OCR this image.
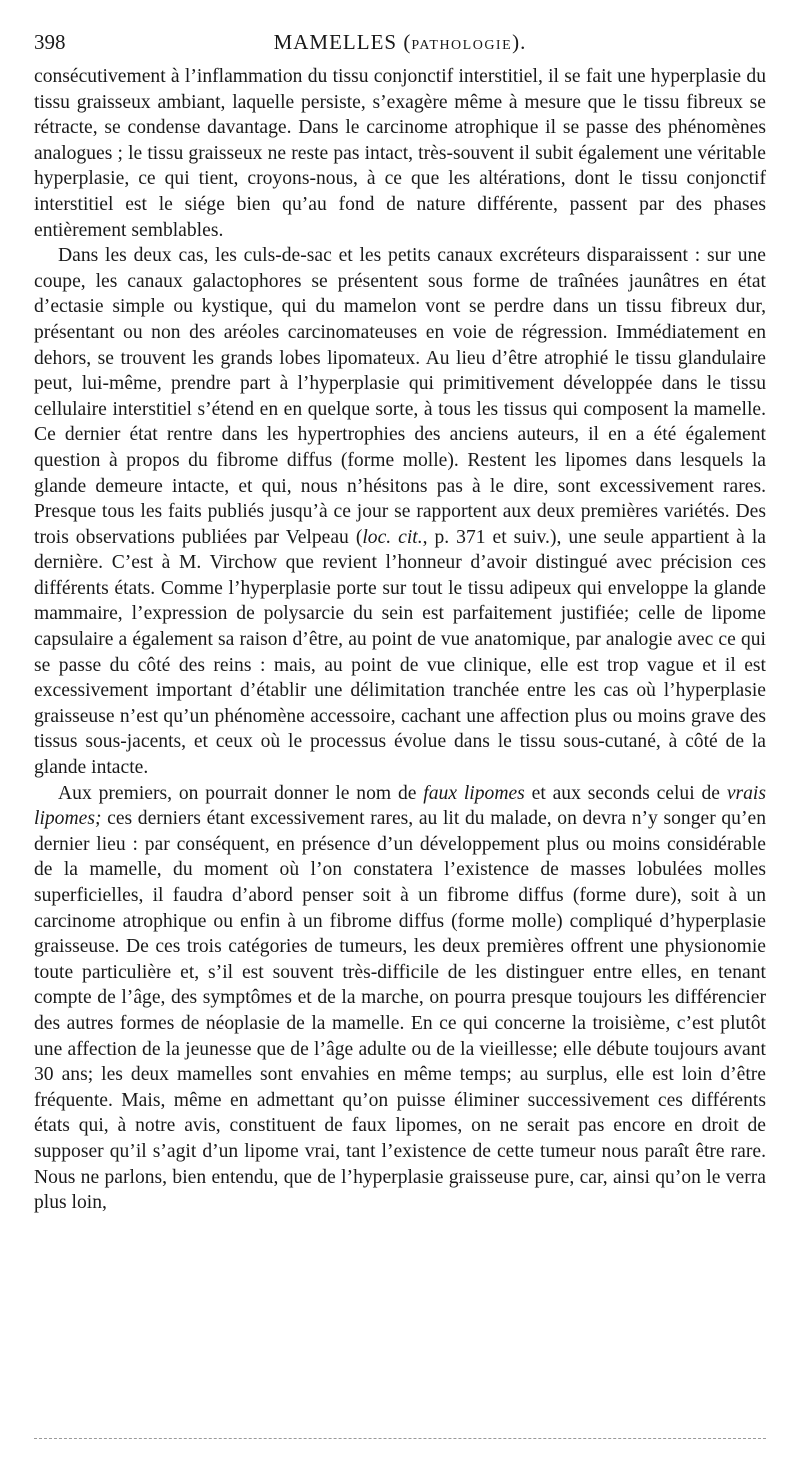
398	MAMELLES (PATHOLOGIE).

consécutivement à l’inflammation du tissu conjonctif interstitiel, il se fait une hyperplasie du tissu graisseux ambiant, laquelle persiste, s’exagère même à mesure que le tissu fibreux se rétracte, se condense davantage. Dans le carcinome atrophique il se passe des phénomènes analogues ; le tissu graisseux ne reste pas intact, très-souvent il subit également une véritable hyperplasie, ce qui tient, croyons-nous, à ce que les altérations, dont le tissu conjonctif interstitiel est le siége bien qu’au fond de nature différente, passent par des phases entièrement semblables.

Dans les deux cas, les culs-de-sac et les petits canaux excréteurs disparaissent : sur une coupe, les canaux galactophores se présentent sous forme de traînées jaunâtres en état d’ectasie simple ou kystique, qui du mamelon vont se perdre dans un tissu fibreux dur, présentant ou non des aréoles carcinomateuses en voie de régression. Immédiatement en dehors, se trouvent les grands lobes lipomateux. Au lieu d’être atrophié le tissu glandulaire peut, lui-même, prendre part à l’hyperplasie qui primitivement développée dans le tissu cellulaire interstitiel s’étend en en quelque sorte, à tous les tissus qui composent la mamelle. Ce dernier état rentre dans les hypertrophies des anciens auteurs, il en a été également question à propos du fibrome diffus (forme molle). Restent les lipomes dans lesquels la glande demeure intacte, et qui, nous n’hésitons pas à le dire, sont excessivement rares. Presque tous les faits publiés jusqu’à ce jour se rapportent aux deux premières variétés. Des trois observations publiées par Velpeau (loc. cit., p. 371 et suiv.), une seule appartient à la dernière. C’est à M. Virchow que revient l’honneur d’avoir distingué avec précision ces différents états. Comme l’hyperplasie porte sur tout le tissu adipeux qui enveloppe la glande mammaire, l’expression de polysarcie du sein est parfaitement justifiée; celle de lipome capsulaire a également sa raison d’être, au point de vue anatomique, par analogie avec ce qui se passe du côté des reins : mais, au point de vue clinique, elle est trop vague et il est excessivement important d’établir une délimitation tranchée entre les cas où l’hyperplasie graisseuse n’est qu’un phénomène accessoire, cachant une affection plus ou moins grave des tissus sous-jacents, et ceux où le processus évolue dans le tissu sous-cutané, à côté de la glande intacte.

Aux premiers, on pourrait donner le nom de faux lipomes et aux seconds celui de vrais lipomes; ces derniers étant excessivement rares, au lit du malade, on devra n’y songer qu’en dernier lieu : par conséquent, en présence d’un développement plus ou moins considérable de la mamelle, du moment où l’on constatera l’existence de masses lobulées molles superficielles, il faudra d’abord penser soit à un fibrome diffus (forme dure), soit à un carcinome atrophique ou enfin à un fibrome diffus (forme molle) compliqué d’hyperplasie graisseuse. De ces trois catégories de tumeurs, les deux premières offrent une physionomie toute particulière et, s’il est souvent très-difficile de les distinguer entre elles, en tenant compte de l’âge, des symptômes et de la marche, on pourra presque toujours les différencier des autres formes de néoplasie de la mamelle. En ce qui concerne la troisième, c’est plutôt une affection de la jeunesse que de l’âge adulte ou de la vieillesse; elle débute toujours avant 30 ans; les deux mamelles sont envahies en même temps; au surplus, elle est loin d’être fréquente. Mais, même en admettant qu’on puisse éliminer successivement ces différents états qui, à notre avis, constituent de faux lipomes, on ne serait pas encore en droit de supposer qu’il s’agit d’un lipome vrai, tant l’existence de cette tumeur nous paraît être rare. Nous ne parlons, bien entendu, que de l’hyperplasie graisseuse pure, car, ainsi qu’on le verra plus loin,
